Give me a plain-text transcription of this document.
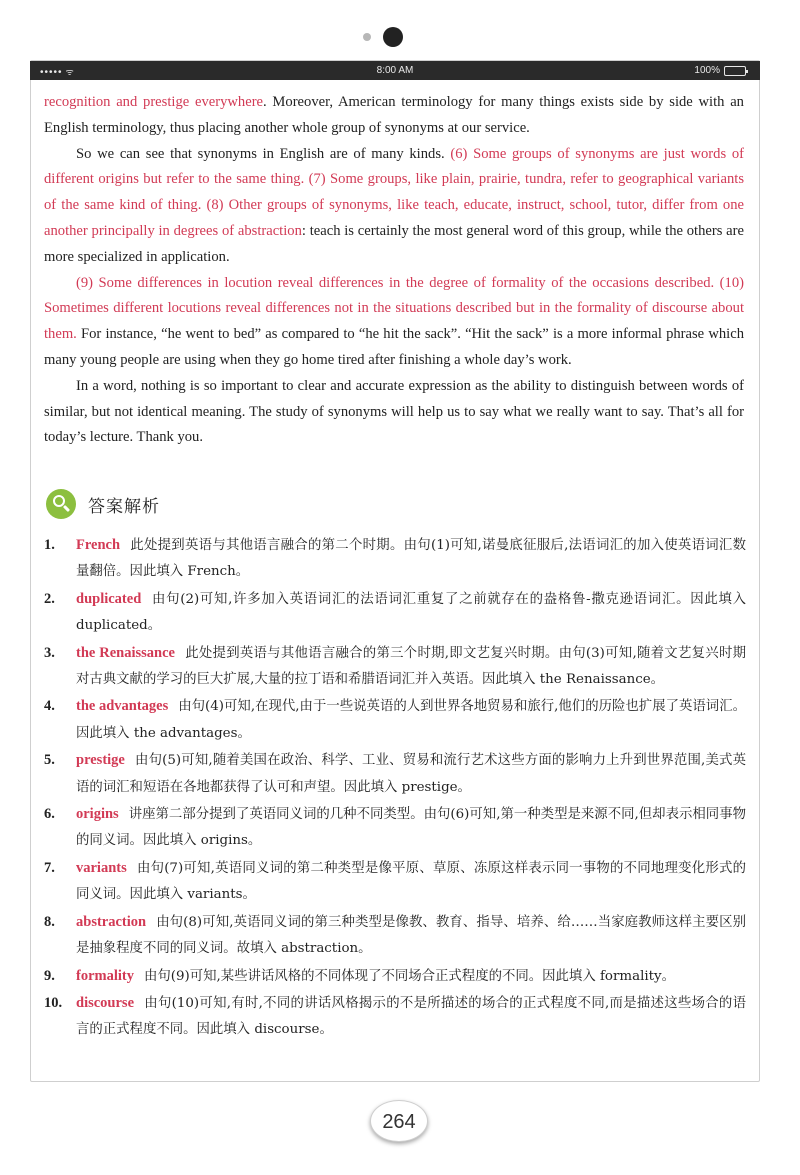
••••• ᯤ	8:00 AM	100%

recognition and prestige everywhere. Moreover, American terminology for many things exists side by side with an English terminology, thus placing another whole group of synonyms at our service.

So we can see that synonyms in English are of many kinds. (6) Some groups of synonyms are just words of different origins but refer to the same thing. (7) Some groups, like plain, prairie, tundra, refer to geographical variants of the same kind of thing. (8) Other groups of synonyms, like teach, educate, instruct, school, tutor, differ from one another principally in degrees of abstraction: teach is certainly the most general word of this group, while the others are more specialized in application.

(9) Some differences in locution reveal differences in the degree of formality of the occasions described. (10) Sometimes different locutions reveal differences not in the situations described but in the formality of discourse about them. For instance, “he went to bed” as compared to “he hit the sack”. “Hit the sack” is a more informal phrase which many young people are using when they go home tired after finishing a whole day’s work.

In a word, nothing is so important to clear and accurate expression as the ability to distinguish between words of similar, but not identical meaning. The study of synonyms will help us to say what we really want to say. That’s all for today’s lecture. Thank you.

答案解析
1. French 此处提到英语与其他语言融合的第二个时期。由句(1)可知,诺曼底征服后,法语词汇的加入使英语词汇数量翻倍。因此填入 French。
2. duplicated 由句(2)可知,许多加入英语词汇的法语词汇重复了之前就存在的盎格鲁-撒克逊语词汇。因此填入 duplicated。
3. the Renaissance 此处提到英语与其他语言融合的第三个时期,即文艺复兴时期。由句(3)可知,随着文艺复兴时期对古典文献的学习的巨大扩展,大量的拉丁语和希腊语词汇并入英语。因此填入 the Renaissance。
4. the advantages 由句(4)可知,在现代,由于一些说英语的人到世界各地贸易和旅行,他们的历险也扩展了英语词汇。因此填入 the advantages。
5. prestige 由句(5)可知,随着美国在政治、科学、工业、贸易和流行艺术这些方面的影响力上升到世界范围,美式英语的词汇和短语在各地都获得了认可和声望。因此填入 prestige。
6. origins 讲座第二部分提到了英语同义词的几种不同类型。由句(6)可知,第一种类型是来源不同,但却表示相同事物的同义词。因此填入 origins。
7. variants 由句(7)可知,英语同义词的第二种类型是像平原、草原、冻原这样表示同一事物的不同地理变化形式的同义词。因此填入 variants。
8. abstraction 由句(8)可知,英语同义词的第三种类型是像教、教育、指导、培养、给……当家庭教师这样主要区别是抽象程度不同的同义词。故填入 abstraction。
9. formality 由句(9)可知,某些讲话风格的不同体现了不同场合正式程度的不同。因此填入 formality。
10. discourse 由句(10)可知,有时,不同的讲话风格揭示的不是所描述的场合的正式程度不同,而是描述这些场合的语言的正式程度不同。因此填入 discourse。
264
